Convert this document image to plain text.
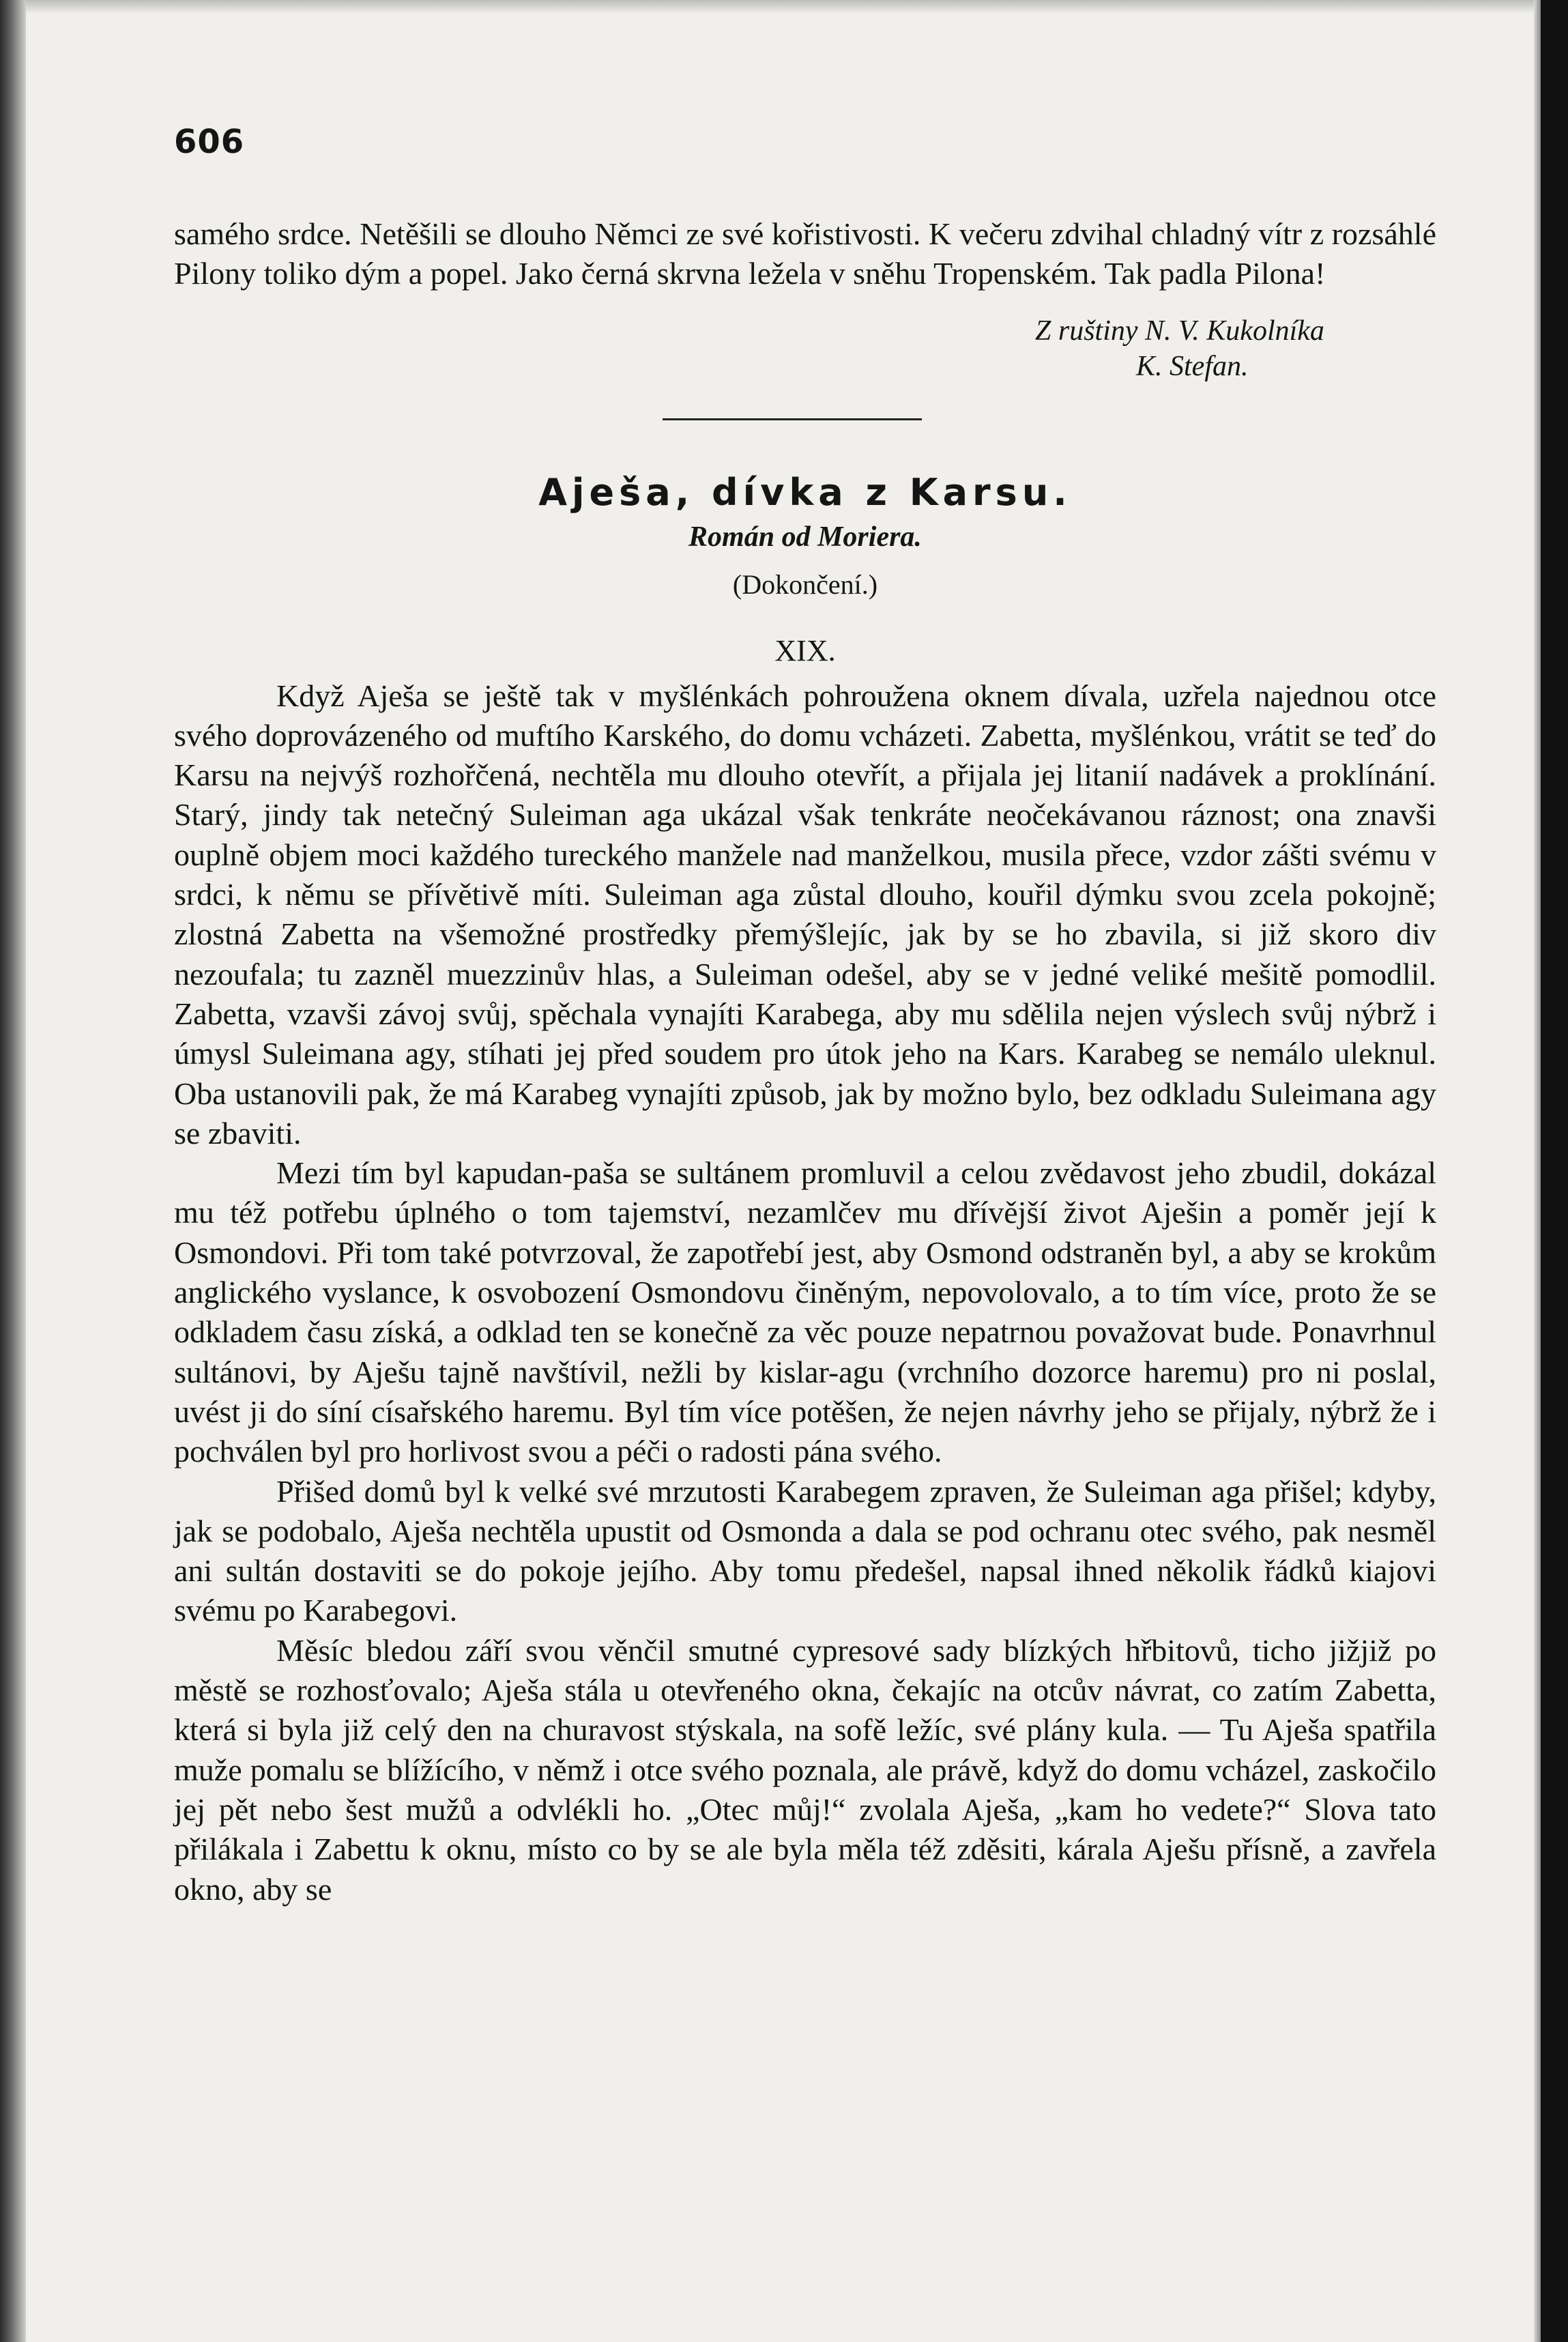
606

samého srdce. Netěšili se dlouho Němci ze své kořistivosti. K večeru zdvihal chladný vítr z rozsáhlé Pilony toliko dým a popel. Jako černá skrvna ležela v sněhu Tropenském. Tak padla Pilona!

Z ruštiny N. V. Kukolníka
K. Stefan.
Aješa, dívka z Karsu.
Román od Moriera.
(Dokončení.)
XIX.

Když Aješa se ještě tak v myšlénkách pohroužena oknem dívala, uzřela najednou otce svého doprovázeného od muftího Karského, do domu vcházeti. Zabetta, myšlénkou, vrátit se teď do Karsu na nejvýš rozhořčená, nechtěla mu dlouho otevřít, a přijala jej litanií nadávek a proklínání. Starý, jindy tak netečný Suleiman aga ukázal však tenkráte neočekávanou ráznost; ona znavši ouplně objem moci každého tureckého manžele nad manželkou, musila přece, vzdor zášti svému v srdci, k němu se přívětivě míti. Suleiman aga zůstal dlouho, kouřil dýmku svou zcela pokojně; zlostná Zabetta na všemožné prostředky přemýšlejíc, jak by se ho zbavila, si již skoro div nezoufala; tu zazněl muezzinův hlas, a Suleiman odešel, aby se v jedné veliké mešitě pomodlil. Zabetta, vzavši závoj svůj, spěchala vynajíti Karabega, aby mu sdělila nejen výslech svůj nýbrž i úmysl Suleimana agy, stíhati jej před soudem pro útok jeho na Kars. Karabeg se nemálo uleknul. Oba ustanovili pak, že má Karabeg vynajíti způsob, jak by možno bylo, bez odkladu Suleimana agy se zbaviti.

Mezi tím byl kapudan-paša se sultánem promluvil a celou zvědavost jeho zbudil, dokázal mu též potřebu úplného o tom tajemství, nezamlčev mu dřívější život Aješin a poměr její k Osmondovi. Při tom také potvrzoval, že zapotřebí jest, aby Osmond odstraněn byl, a aby se krokům anglického vyslance, k osvobození Osmondovu činěným, nepovolovalo, a to tím více, proto že se odkladem času získá, a odklad ten se konečně za věc pouze nepatrnou považovat bude. Ponavrhnul sultánovi, by Aješu tajně navštívil, nežli by kislar-agu (vrchního dozorce haremu) pro ni poslal, uvést ji do síní císařského haremu. Byl tím více potěšen, že nejen návrhy jeho se přijaly, nýbrž že i pochválen byl pro horlivost svou a péči o radosti pána svého.

Přišed domů byl k velké své mrzutosti Karabegem zpraven, že Suleiman aga přišel; kdyby, jak se podobalo, Aješa nechtěla upustit od Osmonda a dala se pod ochranu otec svého, pak nesměl ani sultán dostaviti se do pokoje jejího. Aby tomu předešel, napsal ihned několik řádků kiajovi svému po Karabegovi.

Měsíc bledou září svou věnčil smutné cypresové sady blízkých hřbitovů, ticho jižjiž po městě se rozhosťovalo; Aješa stála u otevřeného okna, čekajíc na otcův návrat, co zatím Zabetta, která si byla již celý den na churavost stýskala, na sofě ležíc, své plány kula. — Tu Aješa spatřila muže pomalu se blížícího, v němž i otce svého poznala, ale právě, když do domu vcházel, zaskočilo jej pět nebo šest mužů a odvlékli ho. „Otec můj!“ zvolala Aješa, „kam ho vedete?“ Slova tato přilákala i Zabettu k oknu, místo co by se ale byla měla též zděsiti, kárala Aješu přísně, a zavřela okno, aby se
